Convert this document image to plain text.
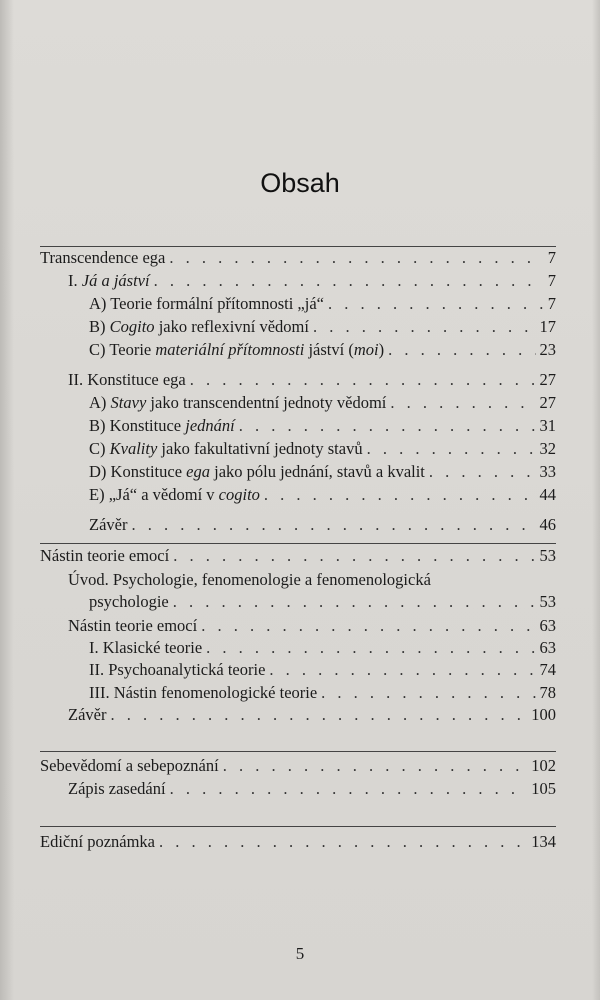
Obsah
Transcendence ega . . .	7
I. Já a jáství . . .	7
A) Teorie formální přítomnosti „já“ . . .	7
B) Cogito jako reflexivní vědomí . . .	17
C) Teorie materiální přítomnosti jáství (moi) . . .	23
II. Konstituce ega . . .	27
A) Stavy jako transcendentní jednoty vědomí . . .	27
B) Konstituce jednání . . .	31
C) Kvality jako fakultativní jednoty stavů . . .	32
D) Konstituce ega jako pólu jednání, stavů a kvalit . . .	33
E) „Já“ a vědomí v cogito . . .	44
Závěr . . .	46
Nástin teorie emocí . . .	53
Úvod. Psychologie, fenomenologie a fenomenologická
psychologie . . .	53
Nástin teorie emocí . . .	63
I. Klasické teorie . . .	63
II. Psychoanalytická teorie . . .	74
III. Nástin fenomenologické teorie . . .	78
Závěr . . .	100
Sebevědomí a sebepoznání . . .	102
Zápis zasedání . . .	105
Ediční poznámka . . .	134
5
